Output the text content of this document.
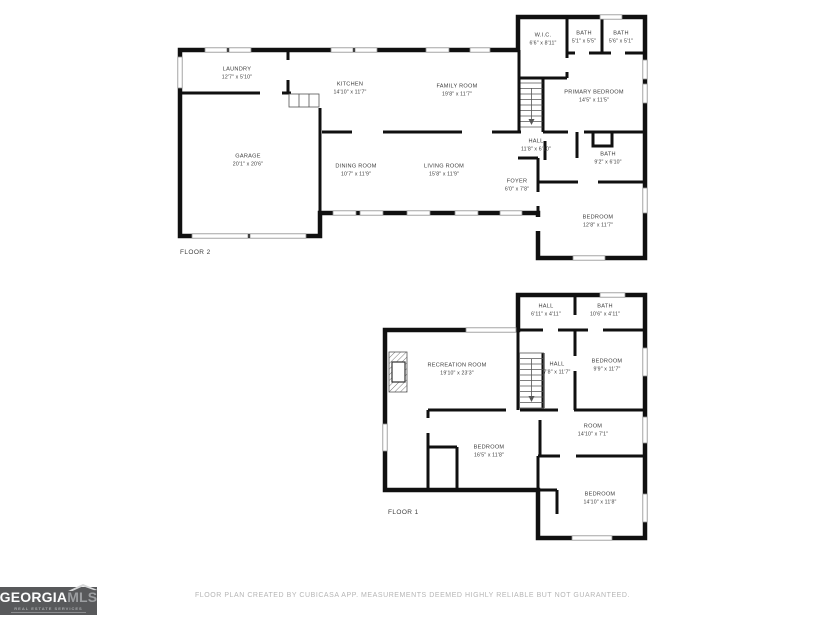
LAUNDRY
12'7" x 5'10"
KITCHEN
14'10" x 11'7"
FAMILY ROOM
19'8" x 11'7"
W.I.C.
6'6" x 8'11"
BATH
5'1" x 5'5"
BATH
5'6" x 5'1"
PRIMARY BEDROOM
14'5" x 11'5"
GARAGE
20'1" x 20'6"	DINING ROOM
10'7" x 11'9"
LIVING ROOM
15'8" x 11'9"
HALL
11'8" x 6'10"
FOYER
6'0" x 7'8"
BATH
9'2" x 6'10"
BEDROOM
12'8" x 11'7"
FLOOR 2
HALL
6'11" x 4'11"
BATH
10'6" x 4'11"
RECREATION ROOM
19'10" x 23'3"
HALL
7'8" x 11'7"
BEDROOM
9'9" x 11'7"
BEDROOM
16'5" x 11'8"
ROOM
14'10" x 7'1"
BEDROOM
14'10" x 11'8"
FLOOR 1
FLOOR PLAN CREATED BY CUBICASA APP. MEASUREMENTS DEEMED HIGHLY RELIABLE BUT NOT GUARANTEED.
GEORGIA MLS
REAL ESTATE SERVICES
